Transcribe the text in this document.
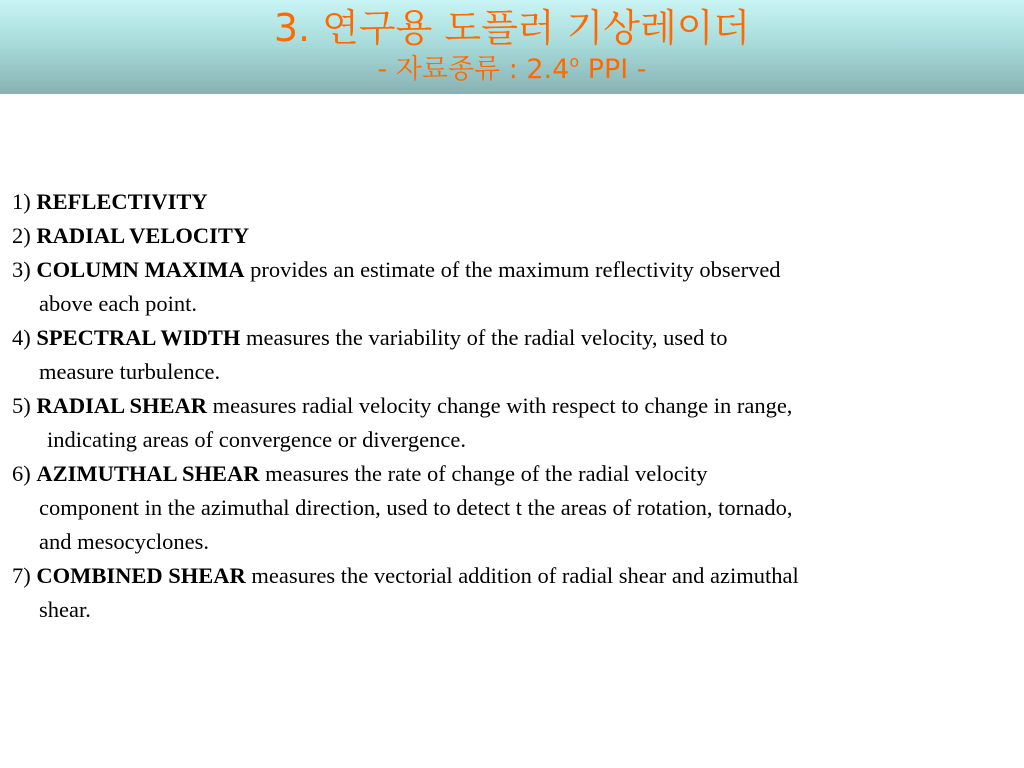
3. 연구용 도플러 기상레이더
- 자료종류 : 2.4$^o$ PPI -
1) REFLECTIVITY
2) RADIAL VELOCITY
3) COLUMN MAXIMA provides an estimate of the maximum reflectivity observed
above each point.
4) SPECTRAL WIDTH measures the variability of the radial velocity, used to
measure turbulence.
5) RADIAL SHEAR measures radial velocity change with respect to change in range,
indicating areas of convergence or divergence.
6) AZIMUTHAL SHEAR measures the rate of change of the radial velocity
component in the azimuthal direction, used to detect t the areas of rotation, tornado,
and mesocyclones.
7) COMBINED SHEAR measures the vectorial addition of radial shear and azimuthal
shear.
